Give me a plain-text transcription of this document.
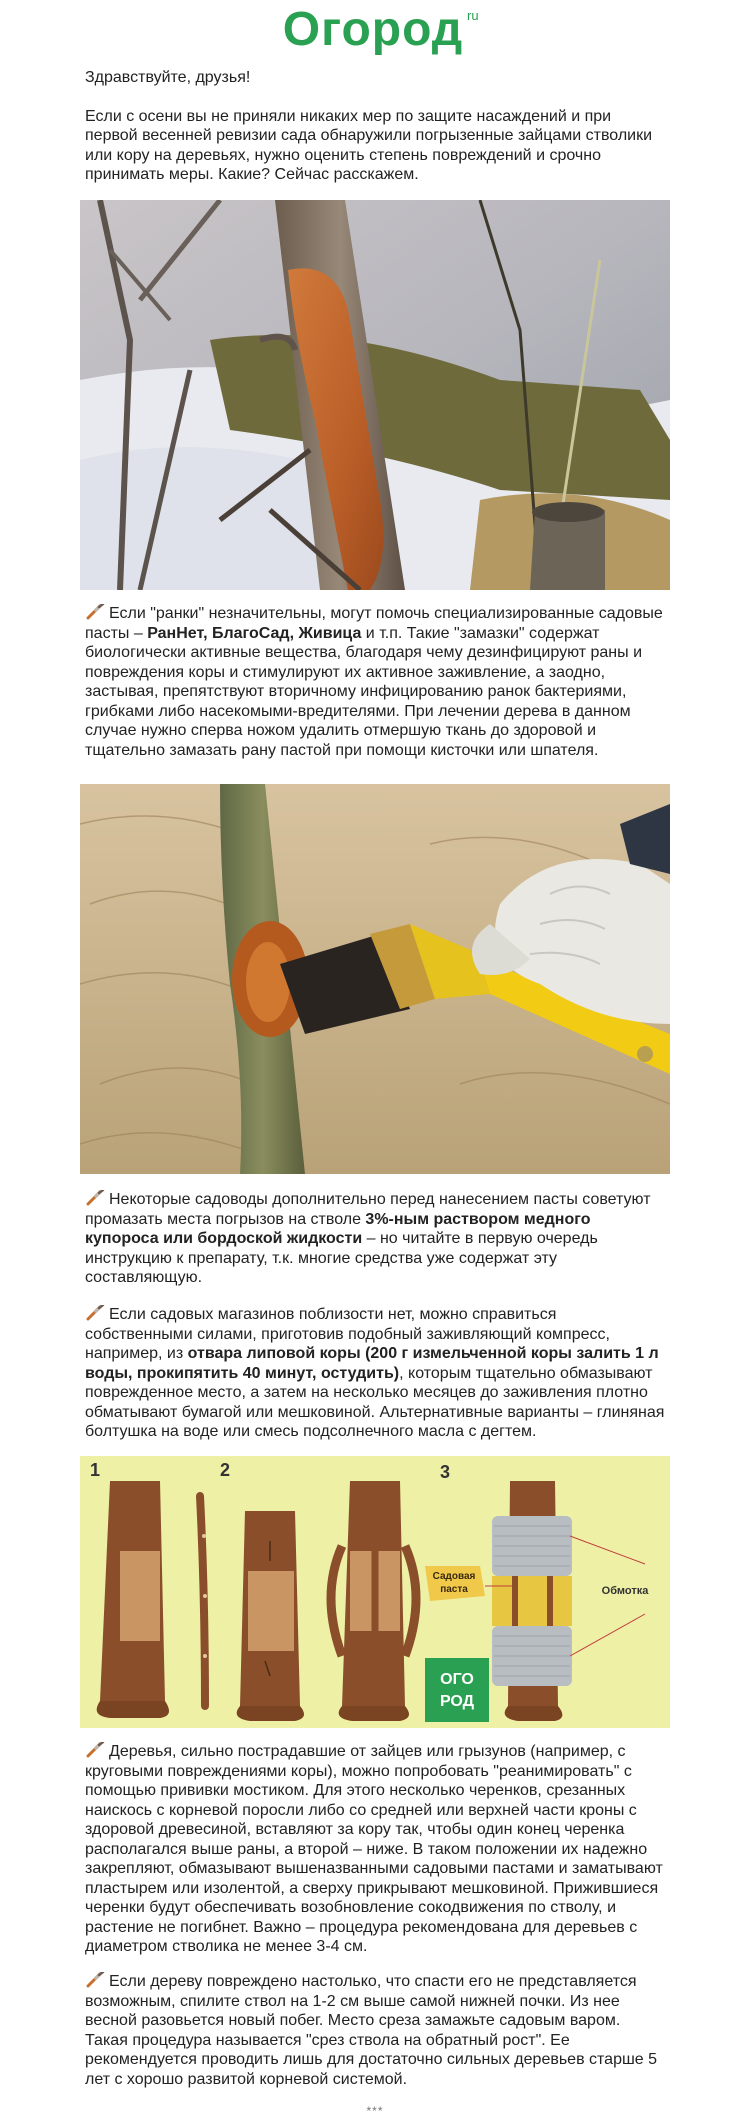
Огород ru

Здравствуйте, друзья!

Если с осени вы не приняли никаких мер по защите насаждений и при первой весенней ревизии сада обнаружили погрызенные зайцами стволики или кору на деревьях, нужно оценить степень повреждений и срочно принимать меры. Какие? Сейчас расскажем.

Если "ранки" незначительны, могут помочь специализированные садовые пасты – РанНет, БлагоСад, Живица и т.п. Такие "замазки" содержат биологически активные вещества, благодаря чему дезинфицируют раны и повреждения коры и стимулируют их активное заживление, а заодно, застывая, препятствуют вторичному инфицированию ранок бактериями, грибками либо насекомыми-вредителями. При лечении дерева в данном случае нужно сперва ножом удалить отмершую ткань до здоровой и тщательно замазать рану пастой при помощи кисточки или шпателя.

Некоторые садоводы дополнительно перед нанесением пасты советуют промазать места погрызов на стволе 3%-ным раствором медного купороса или бордоской жидкости – но читайте в первую очередь инструкцию к препарату, т.к. многие средства уже содержат эту составляющую.

Если садовых магазинов поблизости нет, можно справиться собственными силами, приготовив подобный заживляющий компресс, например, из отвара липовой коры (200 г измельченной коры залить 1 л воды, прокипятить 40 минут, остудить), которым тщательно обмазывают поврежденное место, а затем на несколько месяцев до заживления плотно обматывают бумагой или мешковиной. Альтернативные варианты – глиняная болтушка на воде или смесь подсолнечного масла с дегтем.

1	2	3
Садовая
паста	Обмотка
ОГО
РОД

Деревья, сильно пострадавшие от зайцев или грызунов (например, с круговыми повреждениями коры), можно попробовать "реанимировать" с помощью прививки мостиком. Для этого несколько черенков, срезанных наискось с корневой поросли либо со средней или верхней части кроны с здоровой древесиной, вставляют за кору так, чтобы один конец черенка располагался выше раны, а второй – ниже. В таком положении их надежно закрепляют, обмазывают вышеназванными садовыми пастами и заматывают пластырем или изолентой, а сверху прикрывают мешковиной. Прижившиеся черенки будут обеспечивать возобновление сокодвижения по стволу, и растение не погибнет. Важно – процедура рекомендована для деревьев с диаметром стволика не менее 3-4 см.

Если дереву повреждено настолько, что спасти его не представляется возможным, спилите ствол на 1-2 см выше самой нижней почки. Из нее весной разовьется новый побег. Место среза замажьте садовым варом. Такая процедура называется "срез ствола на обратный рост". Ее рекомендуется проводить лишь для достаточно сильных деревьев старше 5 лет с хорошо развитой корневой системой.

***
